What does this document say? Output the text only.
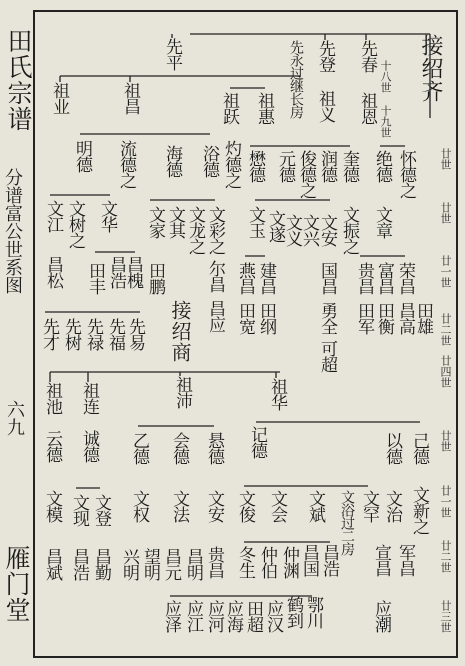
田氏宗谱
分谱富公世系图
六九
雁门堂
十八世
十九世
廿世
廿世
廿一世
廿二世
廿四世
廿世
廿一世
廿二世
廿三世
接绍齐
先平	先永过继长房 先登 先春
祖业	祖昌	祖跃 祖惠 祖义 祖恩
明德 流德之 海德 浴德 灼德之 懋德 元德 俊德之 润德 奎德 绝德 怀德之
文江 文树之 文华 文家 文其 文龙之 文彩之 文玉 文遂
文义
文兴
文安 文振之 文章
昌松 田丰 昌浩
昌槐 田鹏 尔昌
昌应
燕昌 建昌
田宽 田纲
国昌
勇全
可超
贵昌 富昌
田衡
田军
荣昌
昌高
田雄
接绍商
先才 先树 先禄 先福 先易
祖池 祖连	祖沛	祖华
云德 诚德 乙德 会德 悬德 记德	以德 己德
文模 文现 文登 文权 文法 文安 文俊 文会 文斌 文浴过二房 文罕 文治 文新之
昌斌 昌浩 昌勤 兴明 望明 昌元 昌明 贵昌 冬生 仲伯 仲渊 昌国 昌浩	军昌
宣昌
应泽 应江 应河 应海 田超 应汉 鹤到 鄂川	应潮
